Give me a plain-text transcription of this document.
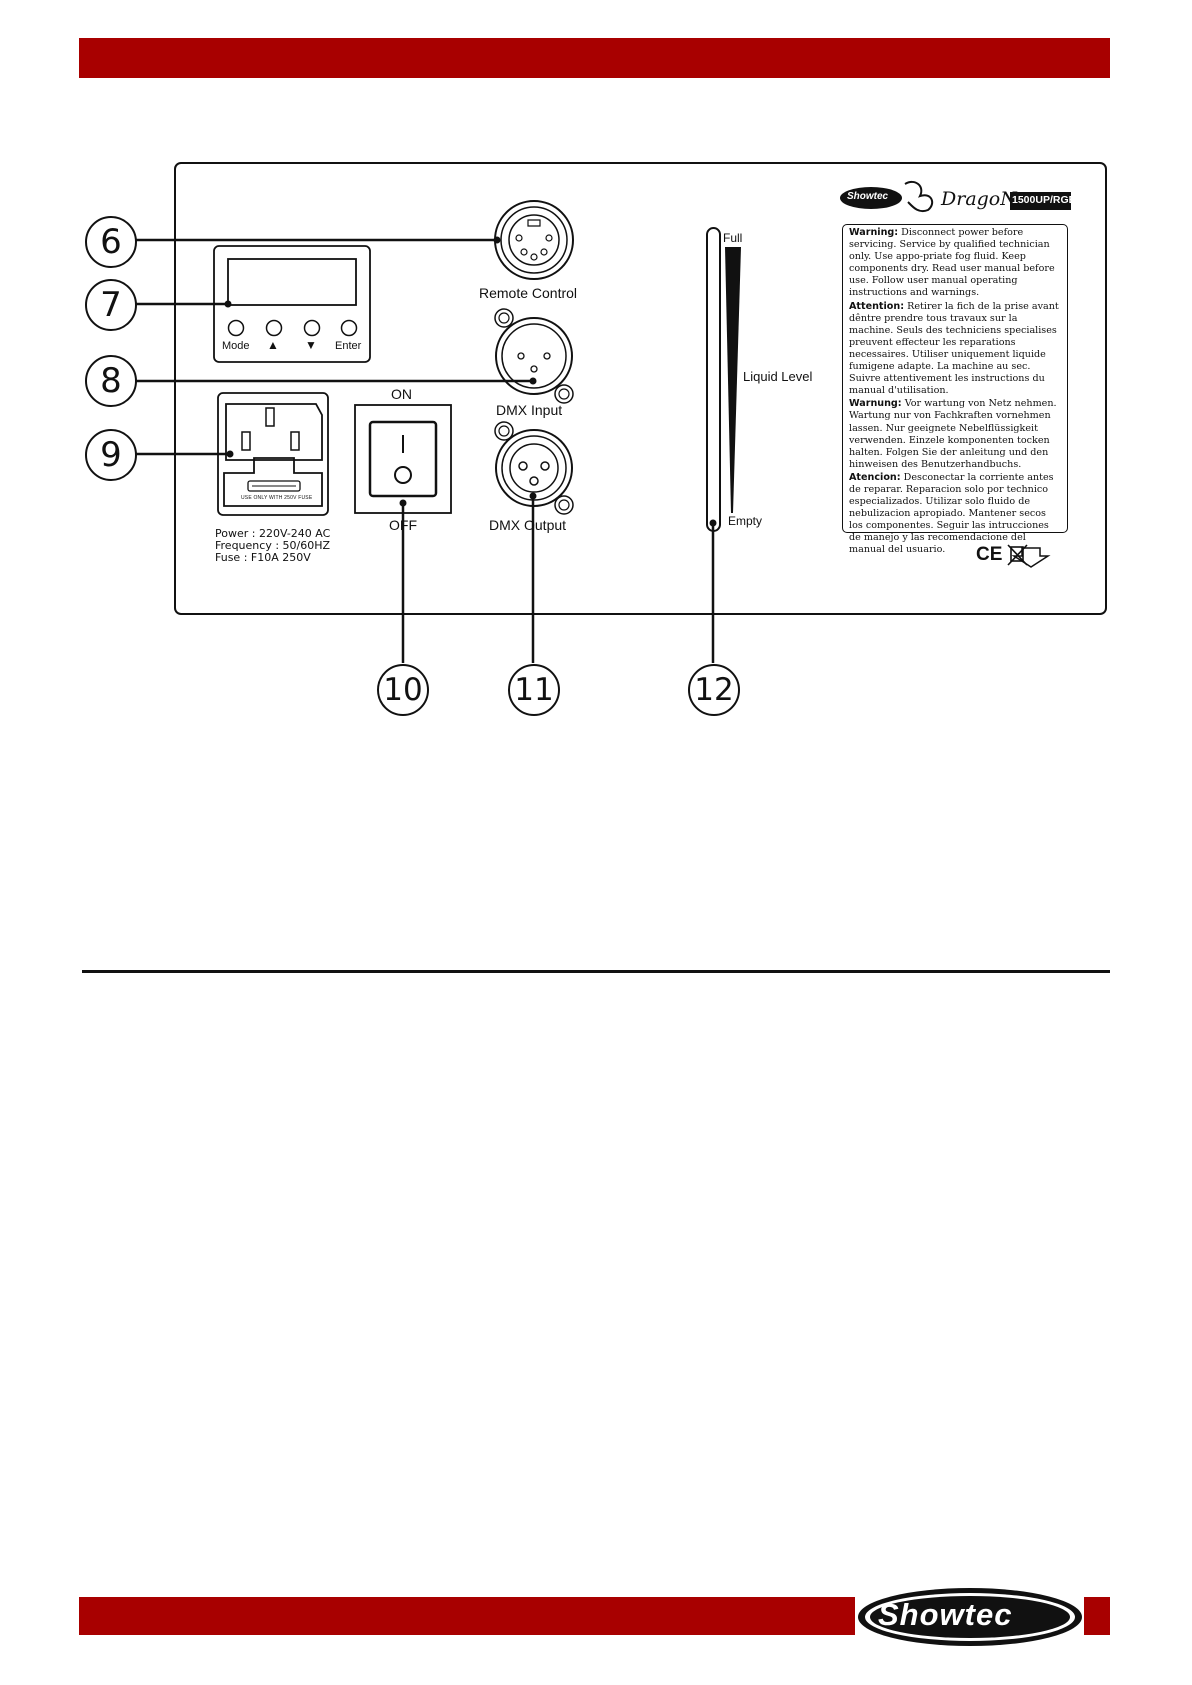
6
7
8
9
10	11	12
Mode ▲ ▼ Enter
Remote Control
DMX Input
DMX Output
ON
OFF
USE ONLY WITH 250V FUSE
Power : 220V-240 AC
Frequency : 50/60HZ
Fuse : F10A 250V
Full
Liquid Level
Empty
Showtec	DragoN
1500UP/RGB

Warning: Disconnect power before servicing. Service by qualified technician only. Use appo-priate fog fluid. Keep components dry. Read user manual before use. Follow user manual operating instructions and warnings.

Attention: Retirer la fich de la prise avant dêntre prendre tous travaux sur la machine. Seuls des techniciens specialises preuvent effecteur les reparations necessaires. Utiliser uniquement liquide fumigene adapte. La machine au sec. Suivre attentivement les instructions du manual d'utilisation.

Warnung: Vor wartung von Netz nehmen. Wartung nur von Fachkraften vornehmen lassen. Nur geeignete Nebelflüssigkeit verwenden. Einzele komponenten tocken halten. Folgen Sie der anleitung und den hinweisen des Benutzerhandbuchs.

Atencion: Desconectar la corriente antes de reparar. Reparacion solo por technico especializados. Utilizar solo fluido de nebulizacion apropiado. Mantener secos los componentes. Seguir las intrucciones de manejo y las recomendacione del manual del usuario.	CE
Showtec
